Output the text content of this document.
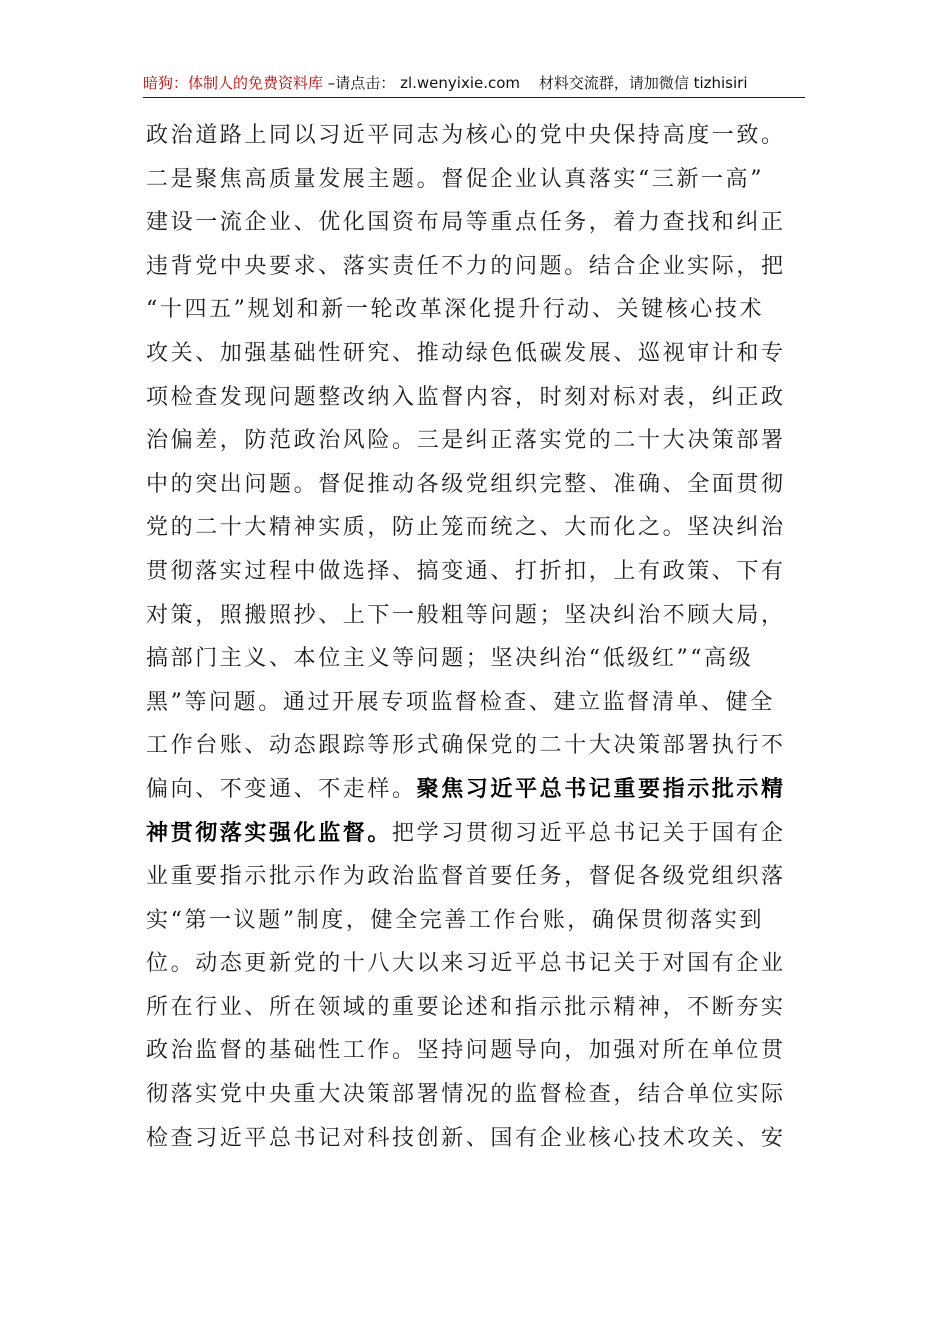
暗狗：体制人的免费资料库 –请点击： zl.wenyixie.com 材料交流群，请加微信 tizhisiri
政治道路上同以习近平同志为核心的党中央保持高度一致。
二是聚焦高质量发展主题。督促企业认真落实“三新一高”
建设一流企业、优化国资布局等重点任务，着力查找和纠正
违背党中央要求、落实责任不力的问题。结合企业实际，把
“十四五”规划和新一轮改革深化提升行动、关键核心技术
攻关、加强基础性研究、推动绿色低碳发展、巡视审计和专
项检查发现问题整改纳入监督内容，时刻对标对表，纠正政
治偏差，防范政治风险。三是纠正落实党的二十大决策部署
中的突出问题。督促推动各级党组织完整、准确、全面贯彻
党的二十大精神实质，防止笼而统之、大而化之。坚决纠治
贯彻落实过程中做选择、搞变通、打折扣，上有政策、下有
对策，照搬照抄、上下一般粗等问题；坚决纠治不顾大局，
搞部门主义、本位主义等问题；坚决纠治“低级红”“高级
黑”等问题。通过开展专项监督检查、建立监督清单、健全
工作台账、动态跟踪等形式确保党的二十大决策部署执行不
偏向、不变通、不走样。聚焦习近平总书记重要指示批示精
神贯彻落实强化监督。把学习贯彻习近平总书记关于国有企
业重要指示批示作为政治监督首要任务，督促各级党组织落
实“第一议题”制度，健全完善工作台账，确保贯彻落实到
位。动态更新党的十八大以来习近平总书记关于对国有企业
所在行业、所在领域的重要论述和指示批示精神，不断夯实
政治监督的基础性工作。坚持问题导向，加强对所在单位贯
彻落实党中央重大决策部署情况的监督检查，结合单位实际
检查习近平总书记对科技创新、国有企业核心技术攻关、安
